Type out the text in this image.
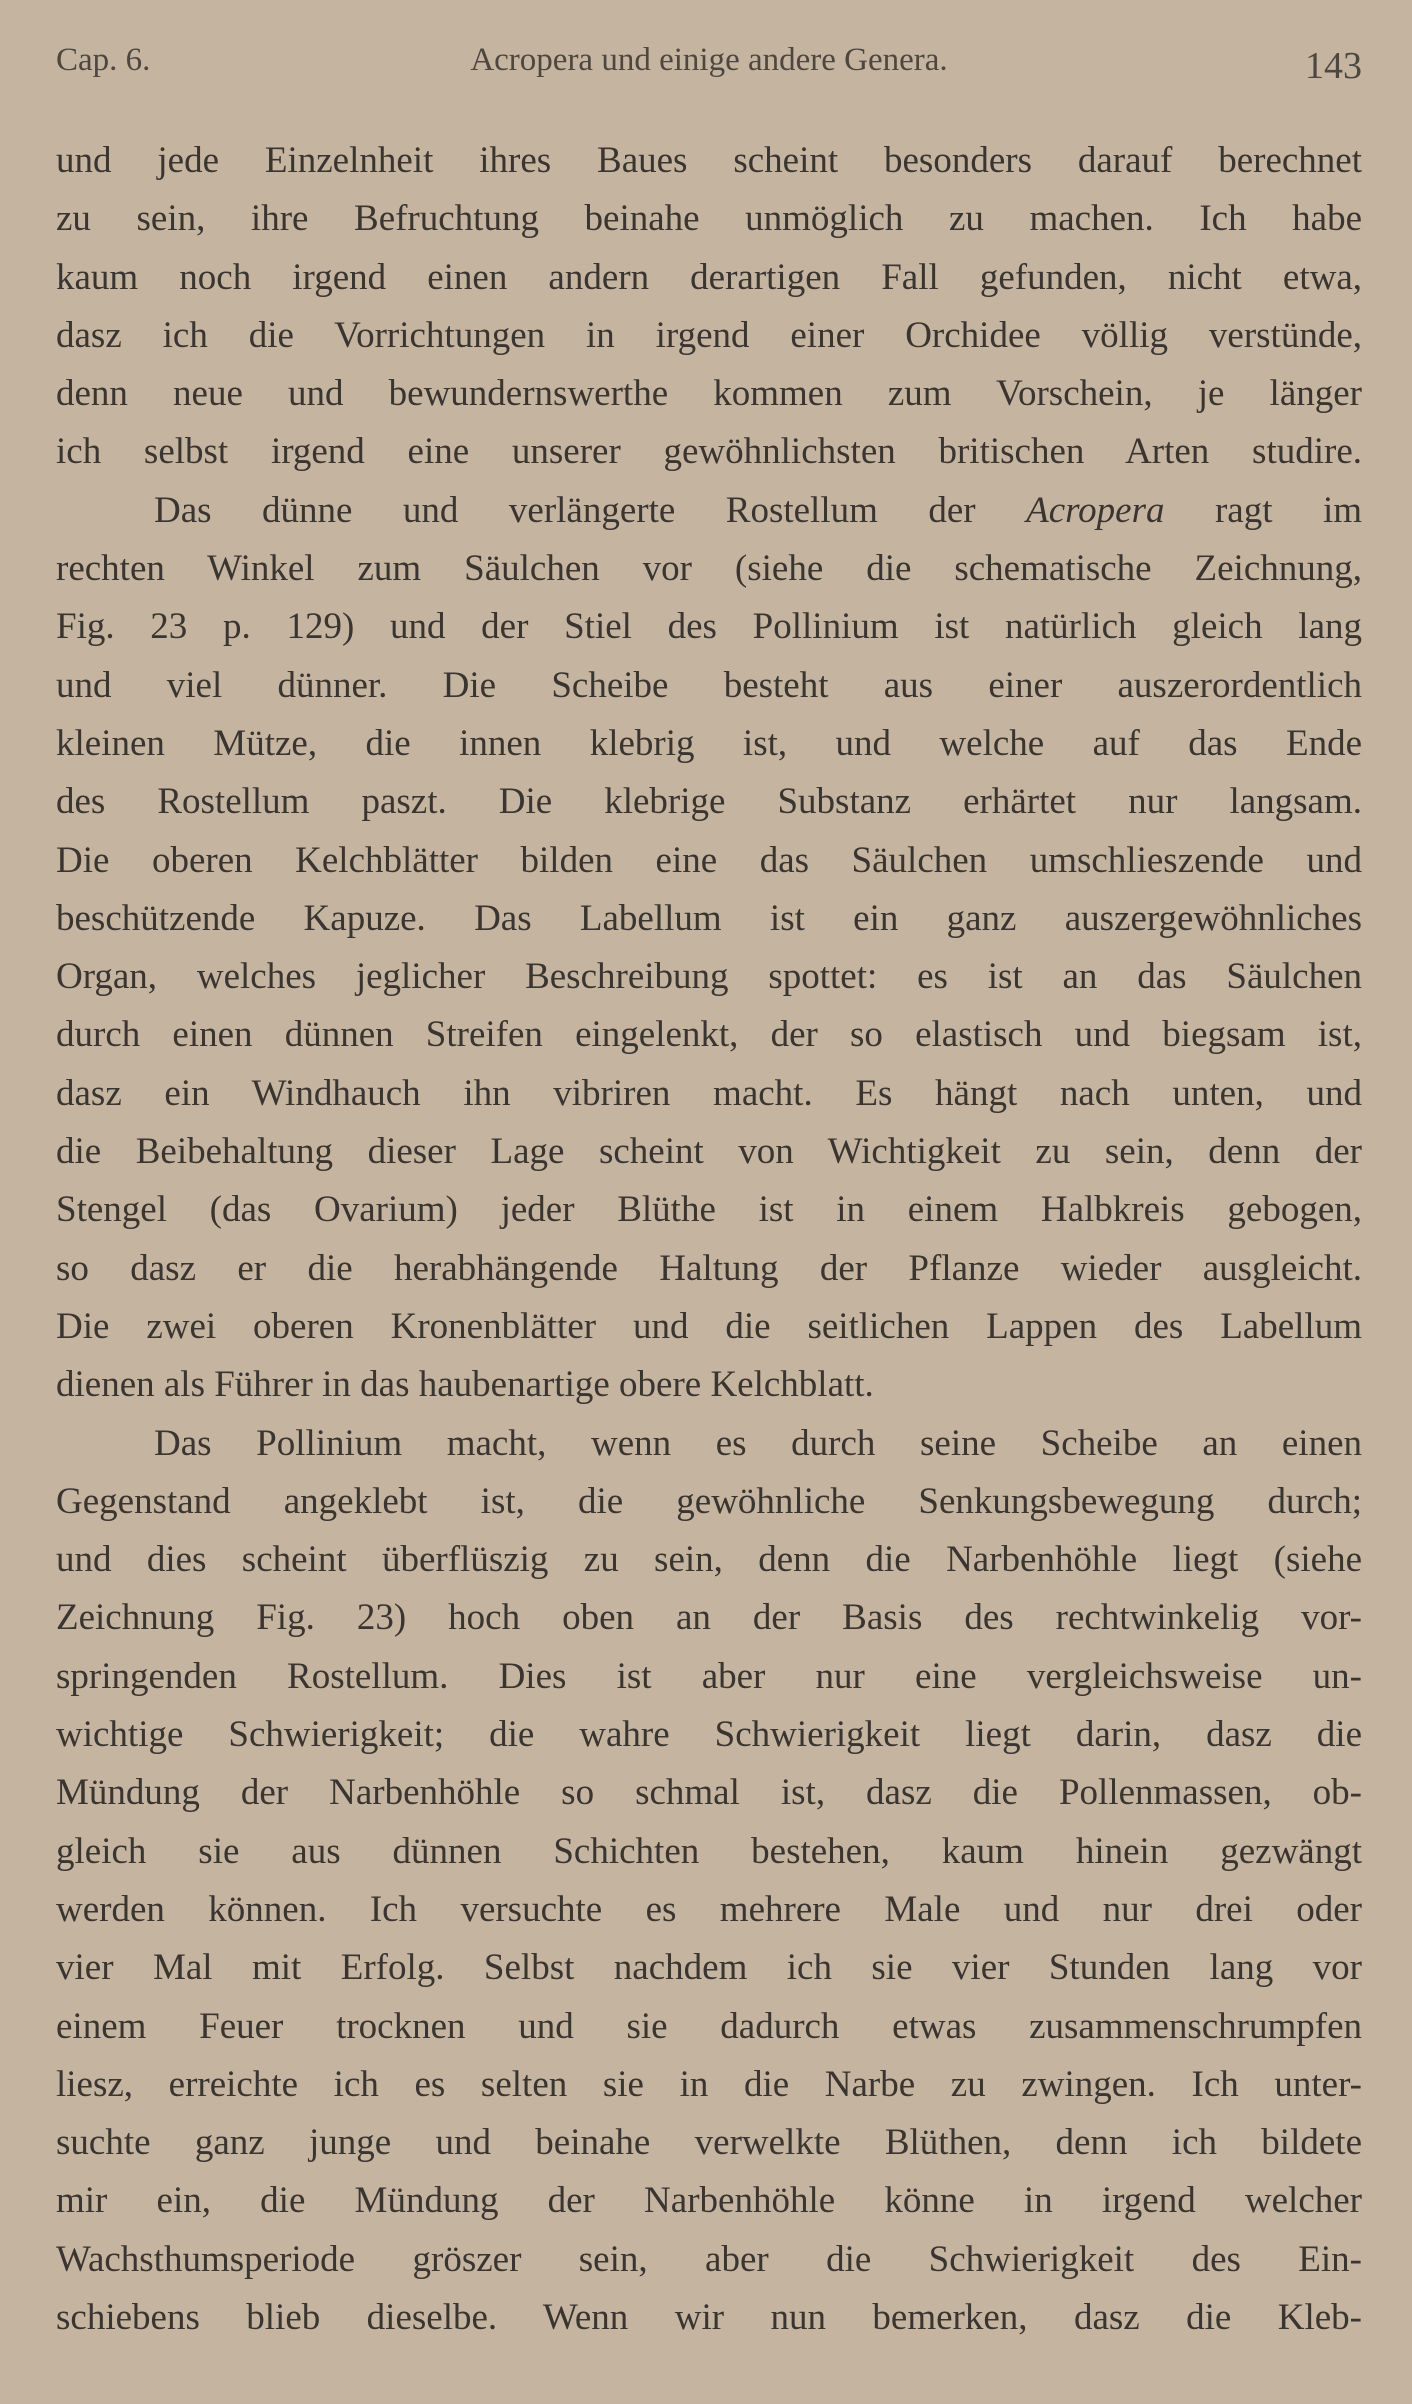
Cap. 6.	Acropera und einige andere Genera.	143
und jede Einzelnheit ihres Baues scheint besonders darauf berechnet
zu sein, ihre Befruchtung beinahe unmöglich zu machen. Ich habe
kaum noch irgend einen andern derartigen Fall gefunden, nicht etwa,
dasz ich die Vorrichtungen in irgend einer Orchidee völlig verstünde,
denn neue und bewundernswerthe kommen zum Vorschein, je länger
ich selbst irgend eine unserer gewöhnlichsten britischen Arten studire.
Das dünne und verlängerte Rostellum der Acropera ragt im
rechten Winkel zum Säulchen vor (siehe die schematische Zeichnung,
Fig. 23 p. 129) und der Stiel des Pollinium ist natürlich gleich lang
und viel dünner. Die Scheibe besteht aus einer auszerordentlich
kleinen Mütze, die innen klebrig ist, und welche auf das Ende
des Rostellum paszt. Die klebrige Substanz erhärtet nur langsam.
Die oberen Kelchblätter bilden eine das Säulchen umschlieszende und
beschützende Kapuze. Das Labellum ist ein ganz auszergewöhnliches
Organ, welches jeglicher Beschreibung spottet: es ist an das Säulchen
durch einen dünnen Streifen eingelenkt, der so elastisch und biegsam ist,
dasz ein Windhauch ihn vibriren macht. Es hängt nach unten, und
die Beibehaltung dieser Lage scheint von Wichtigkeit zu sein, denn der
Stengel (das Ovarium) jeder Blüthe ist in einem Halbkreis gebogen,
so dasz er die herabhängende Haltung der Pflanze wieder ausgleicht.
Die zwei oberen Kronenblätter und die seitlichen Lappen des Labellum
dienen als Führer in das haubenartige obere Kelchblatt.
Das Pollinium macht, wenn es durch seine Scheibe an einen
Gegenstand angeklebt ist, die gewöhnliche Senkungsbewegung durch;
und dies scheint überflüszig zu sein, denn die Narbenhöhle liegt (siehe
Zeichnung Fig. 23) hoch oben an der Basis des rechtwinkelig vor-
springenden Rostellum. Dies ist aber nur eine vergleichsweise un-
wichtige Schwierigkeit; die wahre Schwierigkeit liegt darin, dasz die
Mündung der Narbenhöhle so schmal ist, dasz die Pollenmassen, ob-
gleich sie aus dünnen Schichten bestehen, kaum hinein gezwängt
werden können. Ich versuchte es mehrere Male und nur drei oder
vier Mal mit Erfolg. Selbst nachdem ich sie vier Stunden lang vor
einem Feuer trocknen und sie dadurch etwas zusammenschrumpfen
liesz, erreichte ich es selten sie in die Narbe zu zwingen. Ich unter-
suchte ganz junge und beinahe verwelkte Blüthen, denn ich bildete
mir ein, die Mündung der Narbenhöhle könne in irgend welcher
Wachsthumsperiode gröszer sein, aber die Schwierigkeit des Ein-
schiebens blieb dieselbe. Wenn wir nun bemerken, dasz die Kleb-
